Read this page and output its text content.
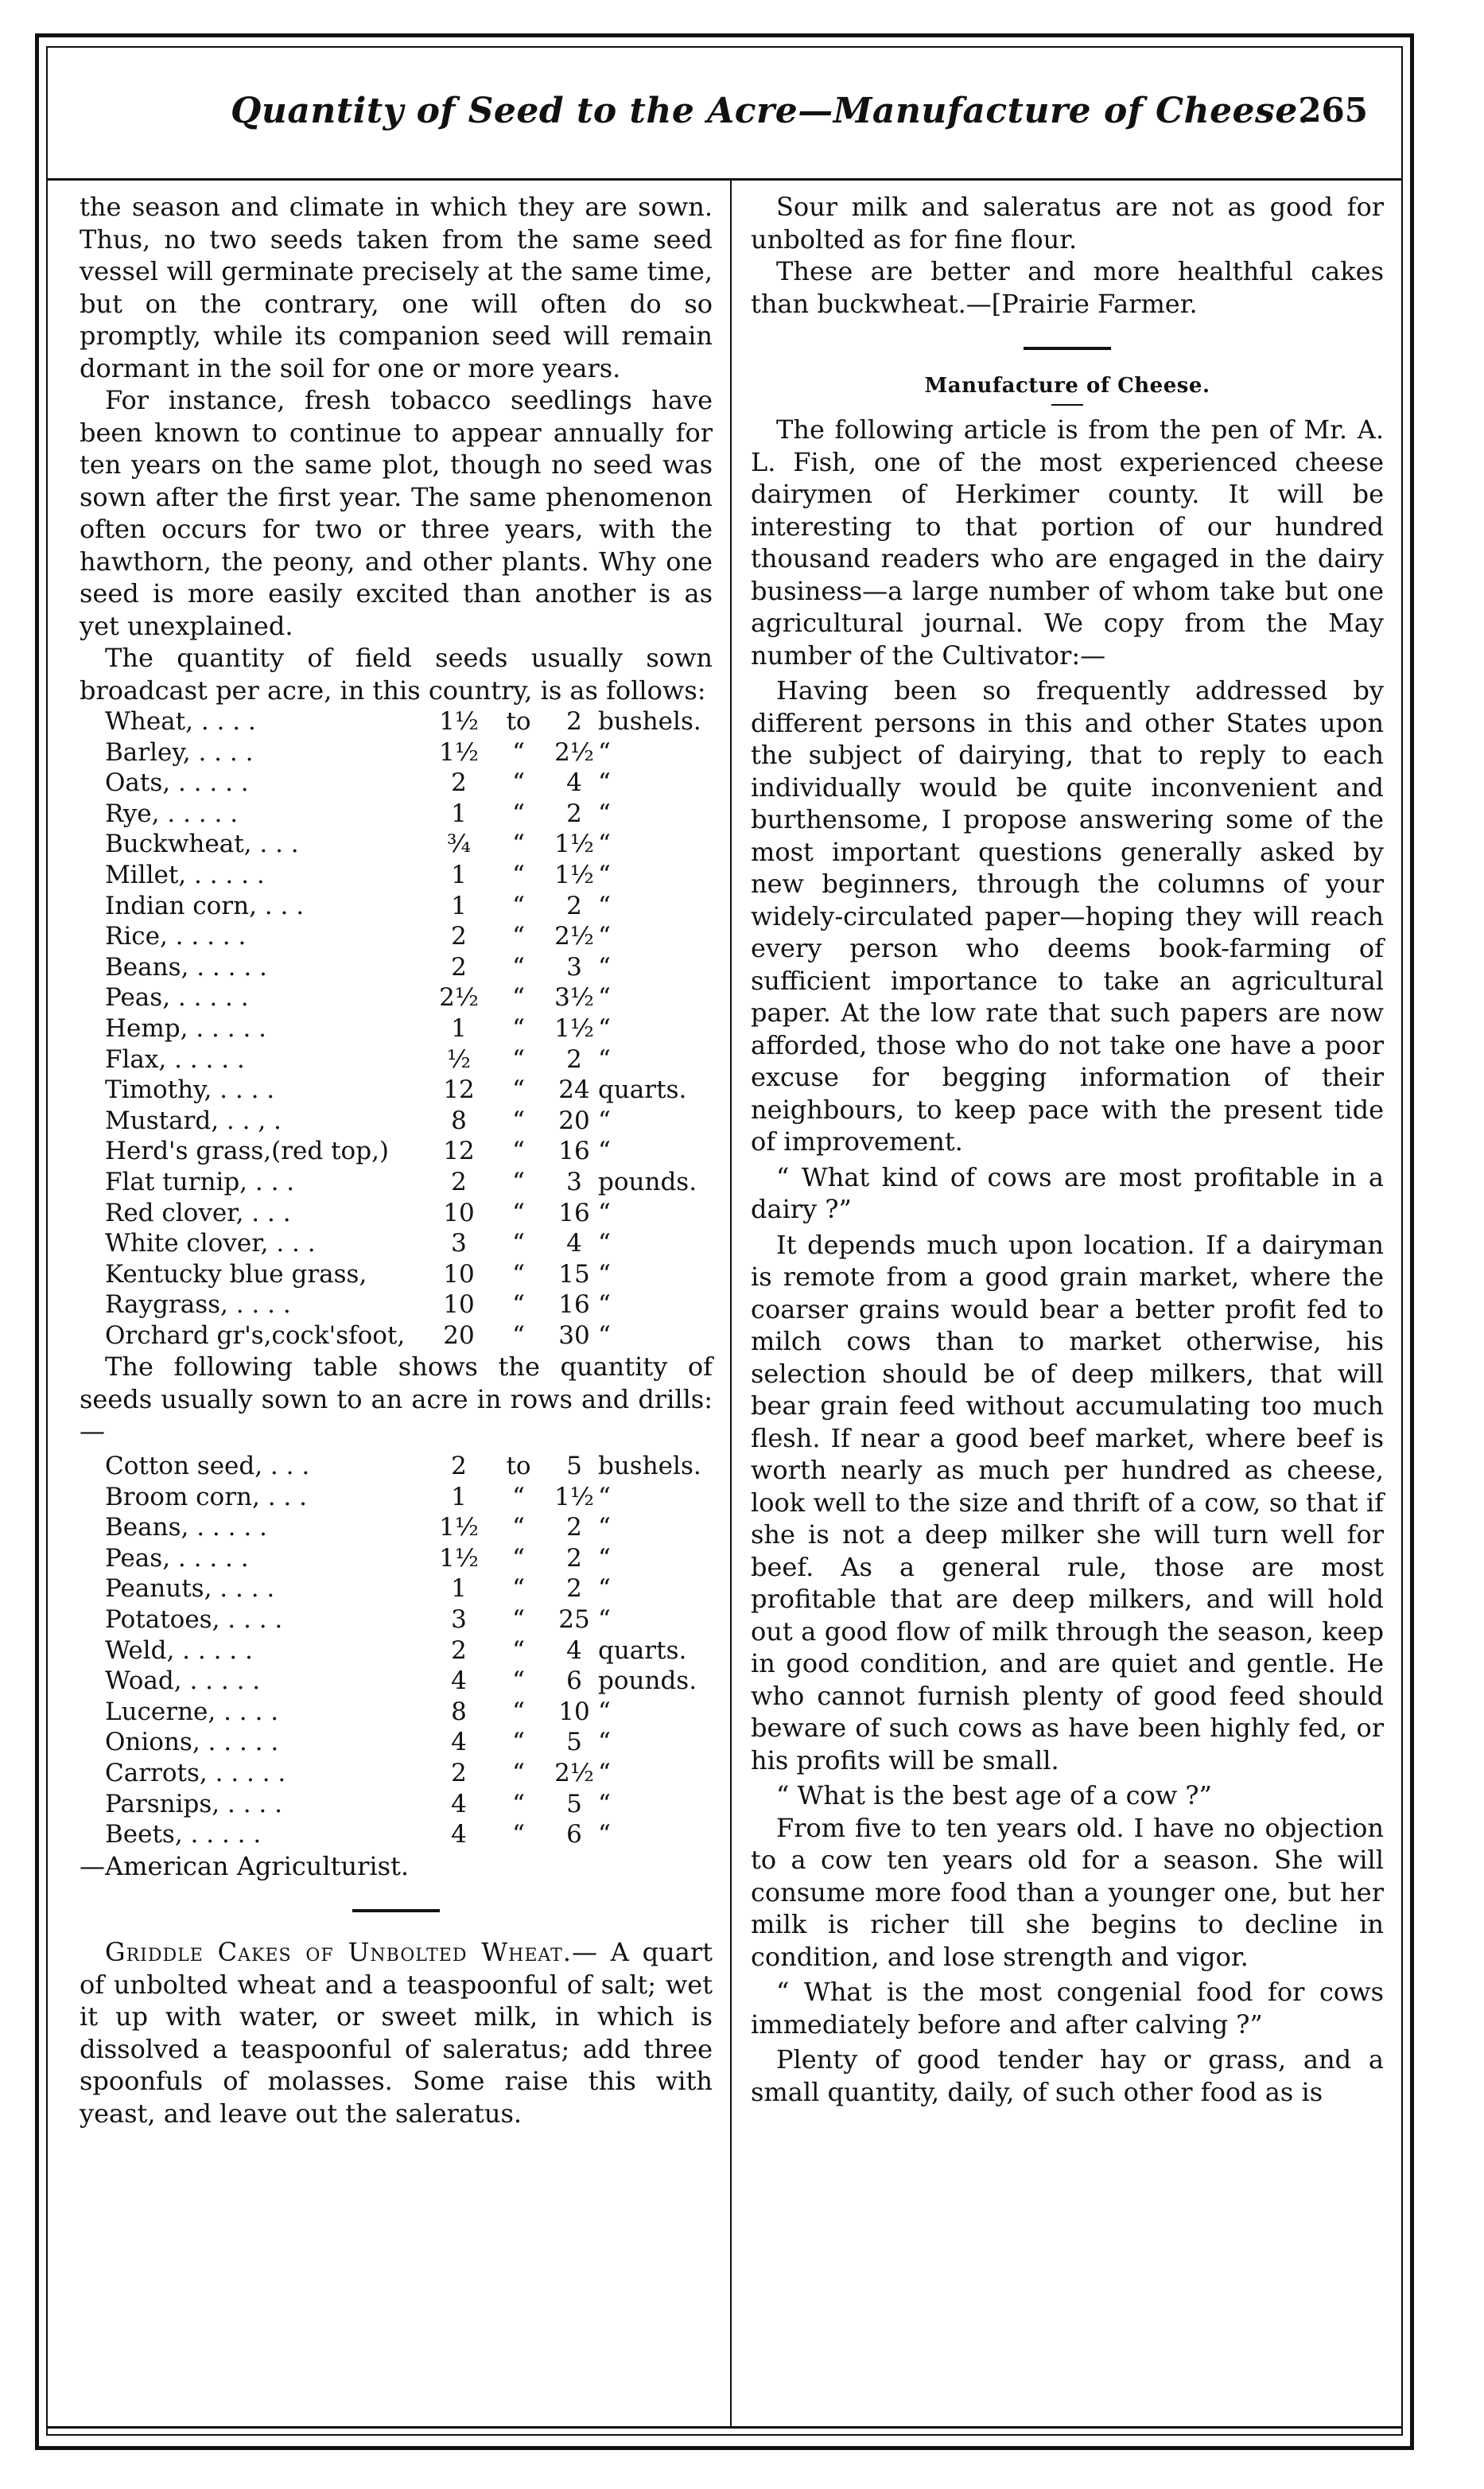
Quantity of Seed to the Acre—Manufacture of Cheese.
265

the season and climate in which they are sown. Thus, no two seeds taken from the same seed vessel will germinate precisely at the same time, but on the contrary, one will often do so promptly, while its companion seed will remain dormant in the soil for one or more years.

For instance, fresh tobacco seedlings have been known to continue to appear annually for ten years on the same plot, though no seed was sown after the first year. The same phenomenon often occurs for two or three years, with the hawthorn, the peony, and other plants. Why one seed is more easily excited than another is as yet unexplained.

The quantity of field seeds usually sown broadcast per acre, in this country, is as follows:

Wheat, . . . .	1½	to	2	bushels.
Barley, . . . .	1½	“	2½	“
Oats, . . . . .	2	“	4	“
Rye, . . . . .	1	“	2	“
Buckwheat, . . .	¾	“	1½	“
Millet, . . . . .	1	“	1½	“
Indian corn, . . .	1	“	2	“
Rice, . . . . .	2	“	2½	“
Beans, . . . . .	2	“	3	“
Peas, . . . . .	2½	“	3½	“
Hemp, . . . . .	1	“	1½	“
Flax, . . . . .	½	“	2	“
Timothy, . . . .	12	“	24	quarts.
Mustard, . . , .	8	“	20	“
Herd's grass,(red top,)	12	“	16	“
Flat turnip, . . .	2	“	3	pounds.
Red clover, . . .	10	“	16	“
White clover, . . .	3	“	4	“
Kentucky blue grass,	10	“	15	“
Raygrass, . . . .	10	“	16	“
Orchard gr's,cock'sfoot,	20	“	30	“

The following table shows the quantity of seeds usually sown to an acre in rows and drills:—

Cotton seed, . . .	2	to	5	bushels.
Broom corn, . . .	1	“	1½	“
Beans, . . . . .	1½	“	2	“
Peas, . . . . .	1½	“	2	“
Peanuts, . . . .	1	“	2	“
Potatoes, . . . .	3	“	25	“
Weld, . . . . .	2	“	4	quarts.
Woad, . . . . .	4	“	6	pounds.
Lucerne, . . . .	8	“	10	“
Onions, . . . . .	4	“	5	“
Carrots, . . . . .	2	“	2½	“
Parsnips, . . . .	4	“	5	“
Beets, . . . . .	4	“	6	“

—American Agriculturist.

Griddle Cakes of Unbolted Wheat.— A quart of unbolted wheat and a teaspoonful of salt; wet it up with water, or sweet milk, in which is dissolved a teaspoonful of saleratus; add three spoonfuls of molasses. Some raise this with yeast, and leave out the saleratus.

Sour milk and saleratus are not as good for unbolted as for fine flour.

These are better and more healthful cakes than buckwheat.—[Prairie Farmer.

Manufacture of Cheese.

The following article is from the pen of Mr. A. L. Fish, one of the most experienced cheese dairymen of Herkimer county. It will be interesting to that portion of our hundred thousand readers who are engaged in the dairy business—a large number of whom take but one agricultural journal. We copy from the May number of the Cultivator:—

Having been so frequently addressed by different persons in this and other States upon the subject of dairying, that to reply to each individually would be quite inconvenient and burthensome, I propose answering some of the most important questions generally asked by new beginners, through the columns of your widely-circulated paper—hoping they will reach every person who deems book-farming of sufficient importance to take an agricultural paper. At the low rate that such papers are now afforded, those who do not take one have a poor excuse for begging information of their neighbours, to keep pace with the present tide of improvement.

“ What kind of cows are most profitable in a dairy ?”

It depends much upon location. If a dairyman is remote from a good grain market, where the coarser grains would bear a better profit fed to milch cows than to market otherwise, his selection should be of deep milkers, that will bear grain feed without accumulating too much flesh. If near a good beef market, where beef is worth nearly as much per hundred as cheese, look well to the size and thrift of a cow, so that if she is not a deep milker she will turn well for beef. As a general rule, those are most profitable that are deep milkers, and will hold out a good flow of milk through the season, keep in good condition, and are quiet and gentle. He who cannot furnish plenty of good feed should beware of such cows as have been highly fed, or his profits will be small.

“ What is the best age of a cow ?”

From five to ten years old. I have no objection to a cow ten years old for a season. She will consume more food than a younger one, but her milk is richer till she begins to decline in condition, and lose strength and vigor.

“ What is the most congenial food for cows immediately before and after calving ?”

Plenty of good tender hay or grass, and a small quantity, daily, of such other food as is
